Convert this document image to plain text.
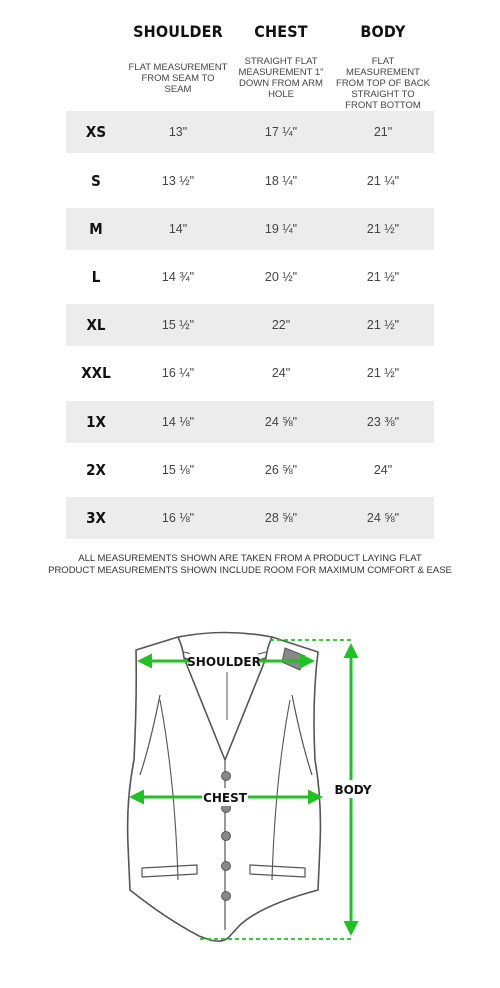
SHOULDER	CHEST	BODY
FLAT MEASUREMENT FROM SEAM TO SEAM
STRAIGHT FLAT MEASUREMENT 1" DOWN FROM ARM HOLE
FLAT MEASUREMENT FROM TOP OF BACK STRAIGHT TO FRONT BOTTOM
XS	13"	17 ¼"	21"
S	13 ½"	18 ¼"	21 ¼"
M	14"	19 ¼"	21 ½"
L	14 ¾"	20 ½"	21 ½"
XL	15 ½"	22"	21 ½"
XXL	16 ¼"	24"	21 ½"
1X	14 ⅛"	24 ⅝"	23 ⅜"
2X	15 ⅛"	26 ⅝"	24"
3X	16 ⅛"	28 ⅝"	24 ⅝"
ALL MEASUREMENTS SHOWN ARE TAKEN FROM A PRODUCT LAYING FLAT
PRODUCT MEASUREMENTS SHOWN INCLUDE ROOM FOR MAXIMUM COMFORT & EASE
SHOULDER
CHEST
BODY
